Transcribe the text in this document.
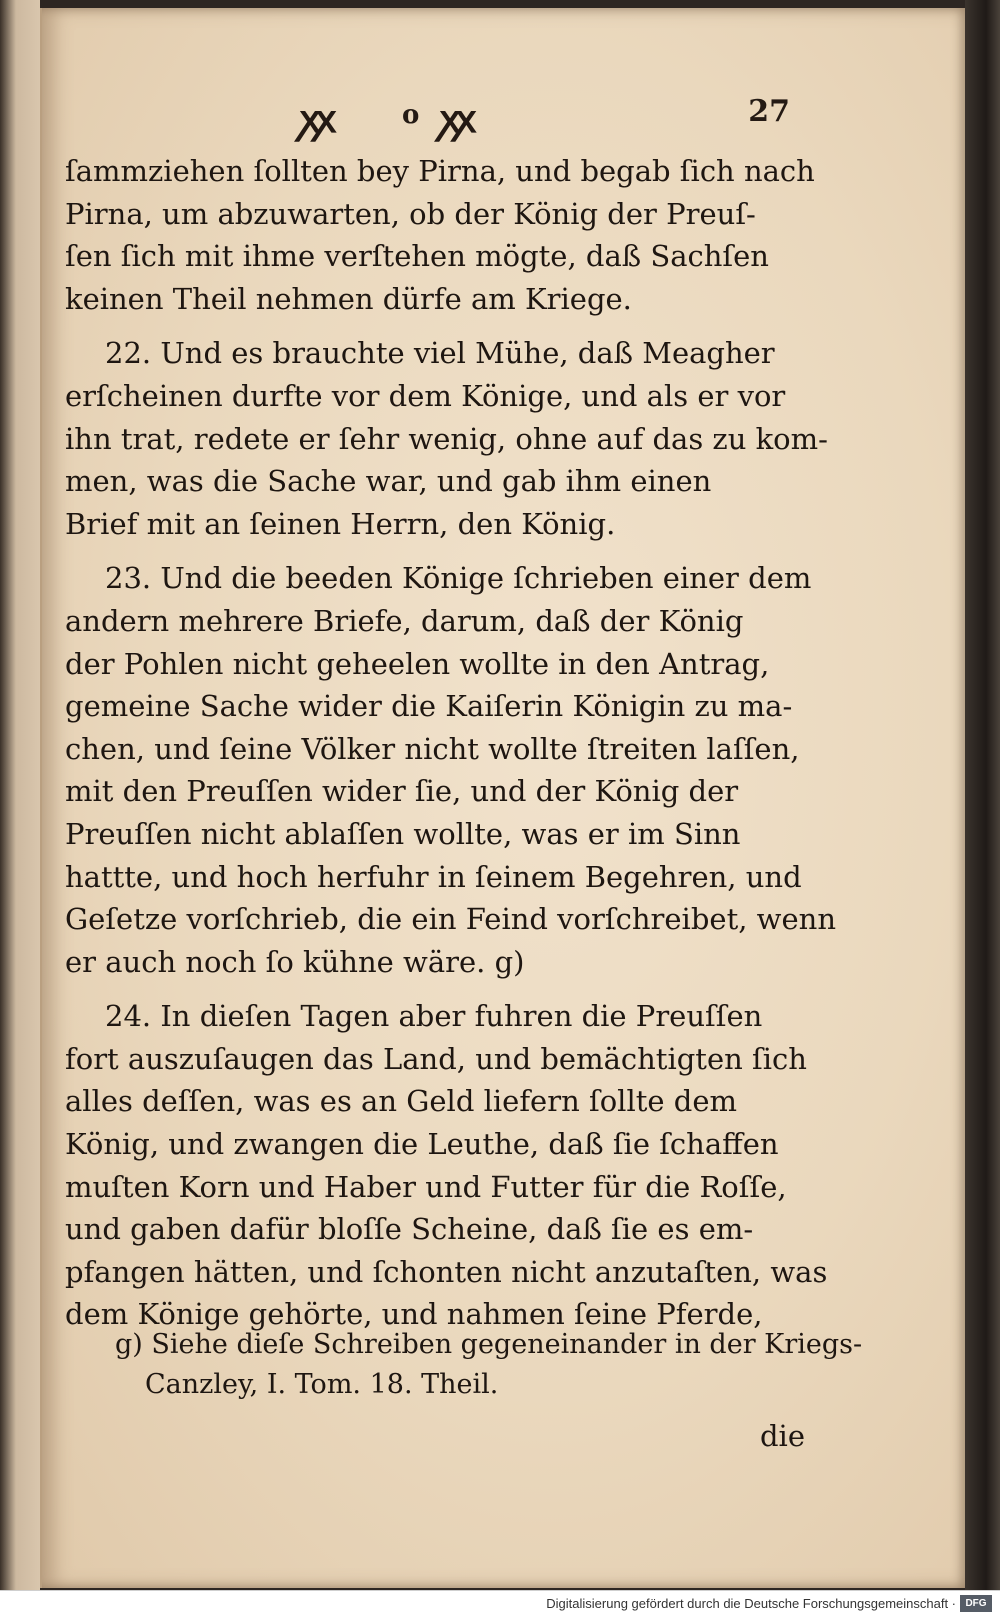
ꭗꭗ	o ꭗꭗ	27
ſammziehen ſollten bey Pirna, und begab ſich nach
Pirna, um abzuwarten, ob der König der Preuſ-
ſen ſich mit ihme verſtehen mögte, daß Sachſen
keinen Theil nehmen dürfe am Kriege.
22. Und es brauchte viel Mühe, daß Meagher
erſcheinen durfte vor dem Könige, und als er vor
ihn trat, redete er ſehr wenig, ohne auf das zu kom-
men, was die Sache war, und gab ihm einen
Brief mit an ſeinen Herrn, den König.
23. Und die beeden Könige ſchrieben einer dem
andern mehrere Briefe, darum, daß der König
der Pohlen nicht geheelen wollte in den Antrag,
gemeine Sache wider die Kaiſerin Königin zu ma-
chen, und ſeine Völker nicht wollte ſtreiten laſſen,
mit den Preuſſen wider ſie, und der König der
Preuſſen nicht ablaſſen wollte, was er im Sinn
hattte, und hoch herfuhr in ſeinem Begehren, und
Geſetze vorſchrieb, die ein Feind vorſchreibet, wenn
er auch noch ſo kühne wäre. g)
24. In dieſen Tagen aber fuhren die Preuſſen
fort auszuſaugen das Land, und bemächtigten ſich
alles deſſen, was es an Geld liefern ſollte dem
König, und zwangen die Leuthe, daß ſie ſchaffen
muſten Korn und Haber und Futter für die Roſſe,
und gaben dafür bloſſe Scheine, daß ſie es em-
pfangen hätten, und ſchonten nicht anzutaſten, was
dem Könige gehörte, und nahmen ſeine Pferde,
die
g) Siehe dieſe Schreiben gegeneinander in der Kriegs-
Canzley, I. Tom. 18. Theil.
Digitalisierung gefördert durch die Deutsche Forschungsgemeinschaft · DFG
